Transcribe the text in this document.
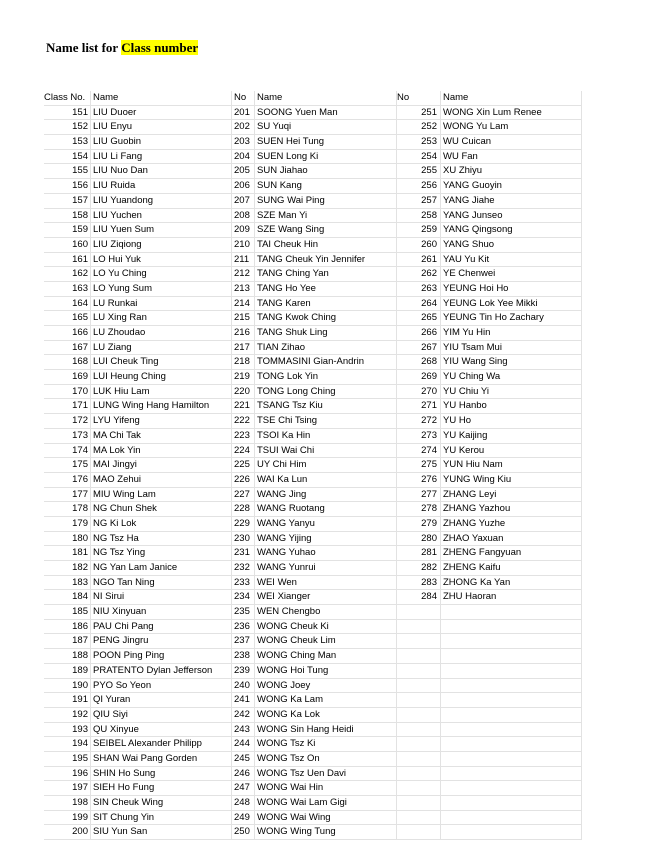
Name list for Class number
Class No. Name	No	Name	No	Name
151 LIU Duoer	201 SOONG Yuen Man	251 WONG Xin Lum Renee
152 LIU Enyu	202 SU Yuqi	252 WONG Yu Lam
153 LIU Guobin	203 SUEN Hei Tung	253 WU Cuican
154 LIU Li Fang	204 SUEN Long Ki	254 WU Fan
155 LIU Nuo Dan	205 SUN Jiahao	255 XU Zhiyu
156 LIU Ruida	206 SUN Kang	256 YANG Guoyin
157 LIU Yuandong	207 SUNG Wai Ping	257 YANG Jiahe
158 LIU Yuchen	208 SZE Man Yi	258 YANG Junseo
159 LIU Yuen Sum	209 SZE Wang Sing	259 YANG Qingsong
160 LIU Ziqiong	210 TAI Cheuk Hin	260 YANG Shuo
161 LO Hui Yuk	211 TANG Cheuk Yin Jennifer	261 YAU Yu Kit
162 LO Yu Ching	212 TANG Ching Yan	262 YE Chenwei
163 LO Yung Sum	213 TANG Ho Yee	263 YEUNG Hoi Ho
164 LU Runkai	214 TANG Karen	264 YEUNG Lok Yee Mikki
165 LU Xing Ran	215 TANG Kwok Ching	265 YEUNG Tin Ho Zachary
166 LU Zhoudao	216 TANG Shuk Ling	266 YIM Yu Hin
167 LU Ziang	217 TIAN Zihao	267 YIU Tsam Mui
168 LUI Cheuk Ting	218 TOMMASINI Gian-Andrin	268 YIU Wang Sing
169 LUI Heung Ching	219 TONG Lok Yin	269 YU Ching Wa
170 LUK Hiu Lam	220 TONG Long Ching	270 YU Chiu Yi
171 LUNG Wing Hang Hamilton	221 TSANG Tsz Kiu	271 YU Hanbo
172 LYU Yifeng	222 TSE Chi Tsing	272 YU Ho
173 MA Chi Tak	223 TSOI Ka Hin	273 YU Kaijing
174 MA Lok Yin	224 TSUI Wai Chi	274 YU Kerou
175 MAI Jingyi	225 UY Chi Him	275 YUN Hiu Nam
176 MAO Zehui	226 WAI Ka Lun	276 YUNG Wing Kiu
177 MIU Wing Lam	227 WANG Jing	277 ZHANG Leyi
178 NG Chun Shek	228 WANG Ruotang	278 ZHANG Yazhou
179 NG Ki Lok	229 WANG Yanyu	279 ZHANG Yuzhe
180 NG Tsz Ha	230 WANG Yijing	280 ZHAO Yaxuan
181 NG Tsz Ying	231 WANG Yuhao	281 ZHENG Fangyuan
182 NG Yan Lam Janice	232 WANG Yunrui	282 ZHENG Kaifu
183 NGO Tan Ning	233 WEI Wen	283 ZHONG Ka Yan
184 NI Sirui	234 WEI Xianger	284 ZHU Haoran
185 NIU Xinyuan	235 WEN Chengbo
186 PAU Chi Pang	236 WONG Cheuk Ki
187 PENG Jingru	237 WONG Cheuk Lim
188 POON Ping Ping	238 WONG Ching Man
189 PRATENTO Dylan Jefferson	239 WONG Hoi Tung
190 PYO So Yeon	240 WONG Joey
191 QI Yuran	241 WONG Ka Lam
192 QIU Siyi	242 WONG Ka Lok
193 QU Xinyue	243 WONG Sin Hang Heidi
194 SEIBEL Alexander Philipp	244 WONG Tsz Ki
195 SHAN Wai Pang Gorden	245 WONG Tsz On
196 SHIN Ho Sung	246 WONG Tsz Uen Davi
197 SIEH Ho Fung	247 WONG Wai Hin
198 SIN Cheuk Wing	248 WONG Wai Lam Gigi
199 SIT Chung Yin	249 WONG Wai Wing
200 SIU Yun San	250 WONG Wing Tung
